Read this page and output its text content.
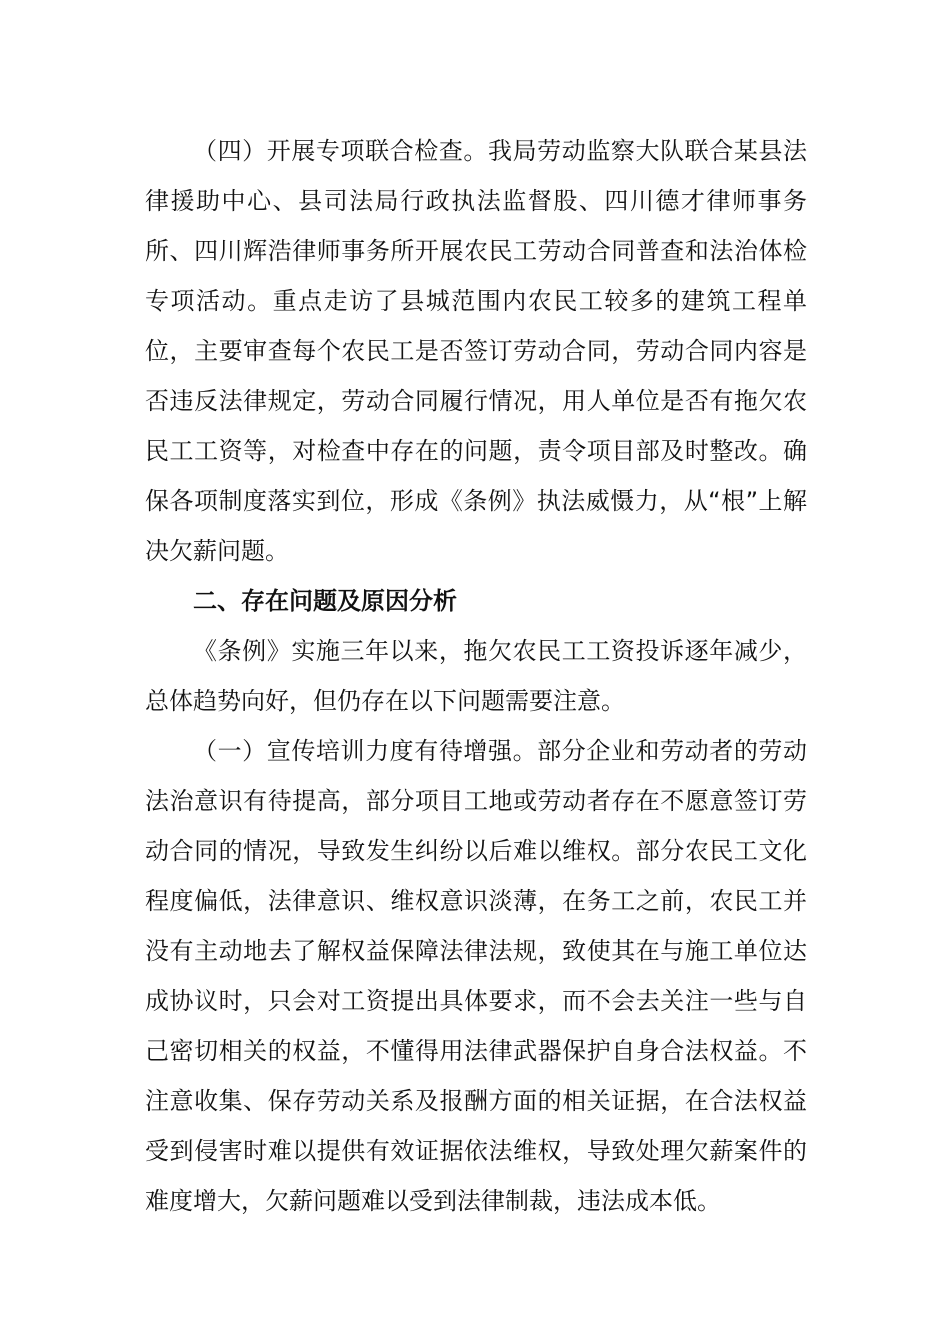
（四）开展专项联合检查。我局劳动监察大队联合某县法律援助中心、县司法局行政执法监督股、四川德才律师事务所、四川辉浩律师事务所开展农民工劳动合同普查和法治体检专项活动。重点走访了县城范围内农民工较多的建筑工程单位，主要审查每个农民工是否签订劳动合同，劳动合同内容是否违反法律规定，劳动合同履行情况，用人单位是否有拖欠农民工工资等，对检查中存在的问题，责令项目部及时整改。确保各项制度落实到位，形成《条例》执法威慑力，从“根”上解决欠薪问题。

二、存在问题及原因分析

《条例》实施三年以来，拖欠农民工工资投诉逐年减少，总体趋势向好，但仍存在以下问题需要注意。

（一）宣传培训力度有待增强。部分企业和劳动者的劳动法治意识有待提高，部分项目工地或劳动者存在不愿意签订劳动合同的情况，导致发生纠纷以后难以维权。部分农民工文化程度偏低，法律意识、维权意识淡薄，在务工之前，农民工并没有主动地去了解权益保障法律法规，致使其在与施工单位达成协议时，只会对工资提出具体要求，而不会去关注一些与自己密切相关的权益，不懂得用法律武器保护自身合法权益。不注意收集、保存劳动关系及报酬方面的相关证据，在合法权益受到侵害时难以提供有效证据依法维权，导致处理欠薪案件的难度增大，欠薪问题难以受到法律制裁，违法成本低。
